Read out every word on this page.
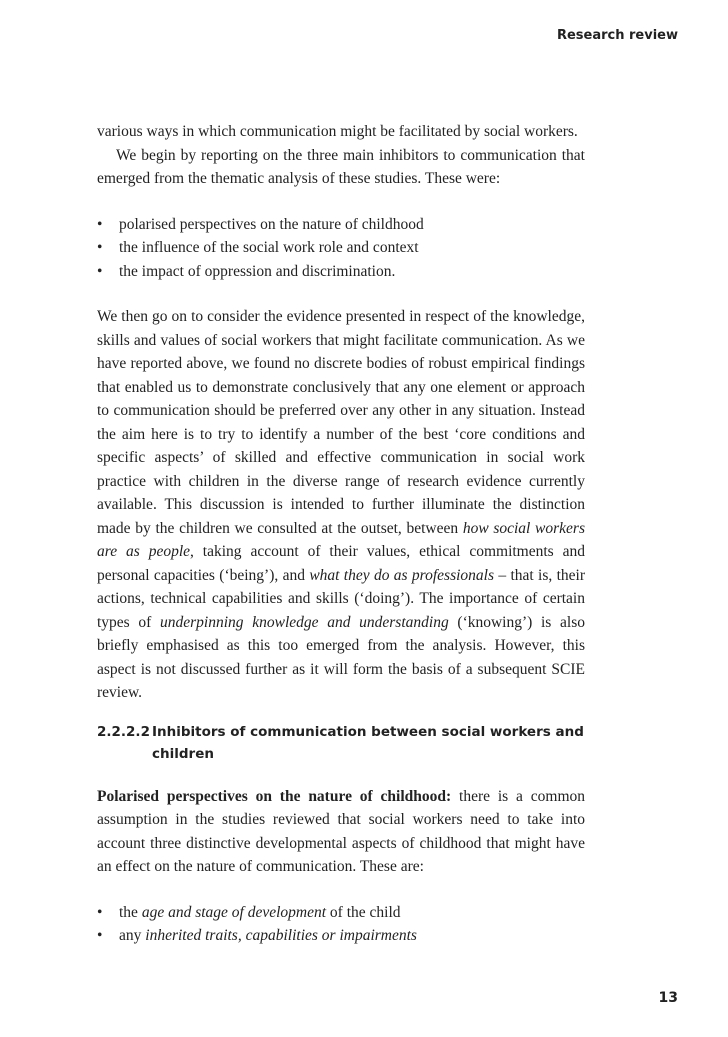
Research review

various ways in which communication might be facilitated by social workers.

We begin by reporting on the three main inhibitors to communication that emerged from the thematic analysis of these studies. These were:

• polarised perspectives on the nature of childhood
• the influence of the social work role and context
• the impact of oppression and discrimination.

We then go on to consider the evidence presented in respect of the knowledge, skills and values of social workers that might facilitate communication. As we have reported above, we found no discrete bodies of robust empirical findings that enabled us to demonstrate conclusively that any one element or approach to communication should be preferred over any other in any situation. Instead the aim here is to try to identify a number of the best ‘core conditions and specific aspects’ of skilled and effective communication in social work practice with children in the diverse range of research evidence currently available. This discussion is intended to further illuminate the distinction made by the children we consulted at the outset, between how social workers are as people, taking account of their values, ethical commitments and personal capacities (‘being’), and what they do as professionals – that is, their actions, technical capabilities and skills (‘doing’). The importance of certain types of underpinning knowledge and understanding (‘knowing’) is also briefly emphasised as this too emerged from the analysis. However, this aspect is not discussed further as it will form the basis of a subsequent SCIE review.

2.2.2.2 Inhibitors of communication between social workers and
children

Polarised perspectives on the nature of childhood: there is a common assumption in the studies reviewed that social workers need to take into account three distinctive developmental aspects of childhood that might have an effect on the nature of communication. These are:

• the age and stage of development of the child
• any inherited traits, capabilities or impairments
13
